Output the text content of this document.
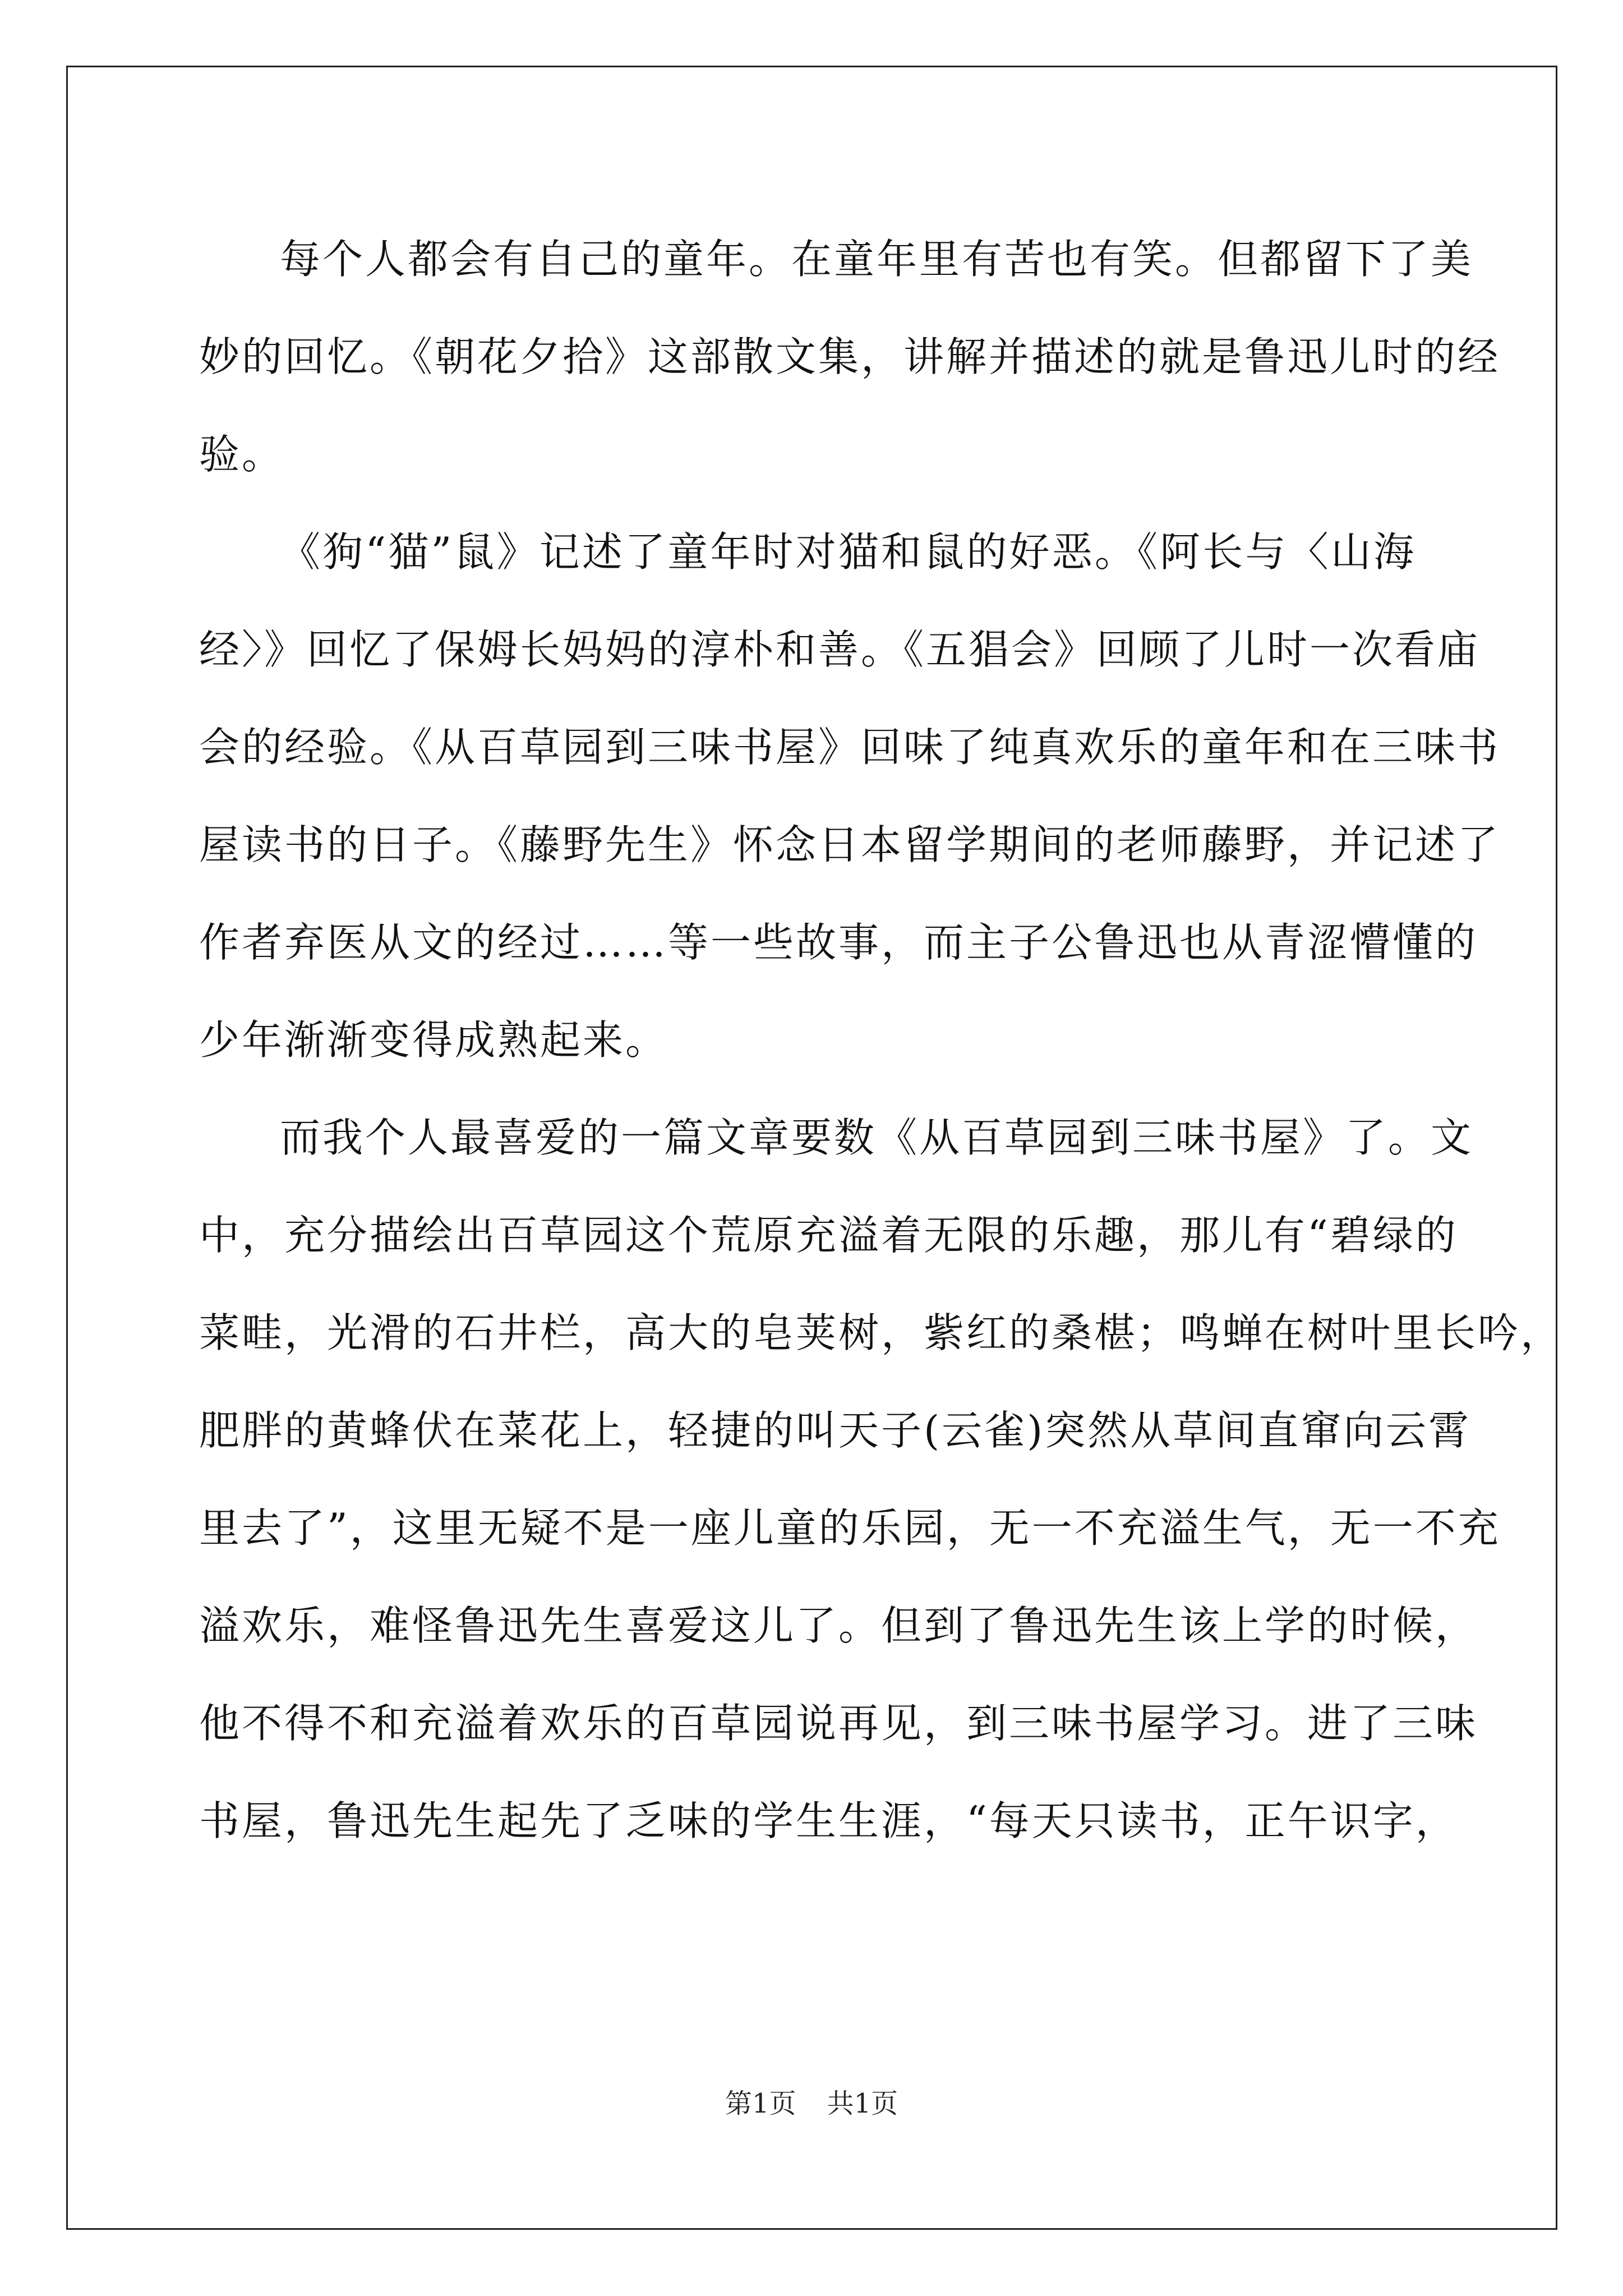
每个人都会有自己的童年。在童年里有苦也有笑。但都留下了美
妙的回忆。《朝花夕拾》这部散文集，讲解并描述的就是鲁迅儿时的经
验。
《狗“猫”鼠》记述了童年时对猫和鼠的好恶。《阿长与〈山海
经〉》回忆了保姆长妈妈的淳朴和善。《五猖会》回顾了儿时一次看庙
会的经验。《从百草园到三味书屋》回味了纯真欢乐的童年和在三味书
屋读书的日子。《藤野先生》怀念日本留学期间的老师藤野，并记述了
作者弃医从文的经过……等一些故事，而主子公鲁迅也从青涩懵懂的
少年渐渐变得成熟起来。
而我个人最喜爱的一篇文章要数《从百草园到三味书屋》了。文
中，充分描绘出百草园这个荒原充溢着无限的乐趣，那儿有“碧绿的
菜畦，光滑的石井栏，高大的皂荚树，紫红的桑椹；鸣蝉在树叶里长吟，
肥胖的黄蜂伏在菜花上，轻捷的叫天子(云雀)突然从草间直窜向云霄
里去了”，这里无疑不是一座儿童的乐园，无一不充溢生气，无一不充
溢欢乐，难怪鲁迅先生喜爱这儿了。但到了鲁迅先生该上学的时候，
他不得不和充溢着欢乐的百草园说再见，到三味书屋学习。进了三味
书屋，鲁迅先生起先了乏味的学生生涯，“每天只读书，正午识字，
第1页 共1页
